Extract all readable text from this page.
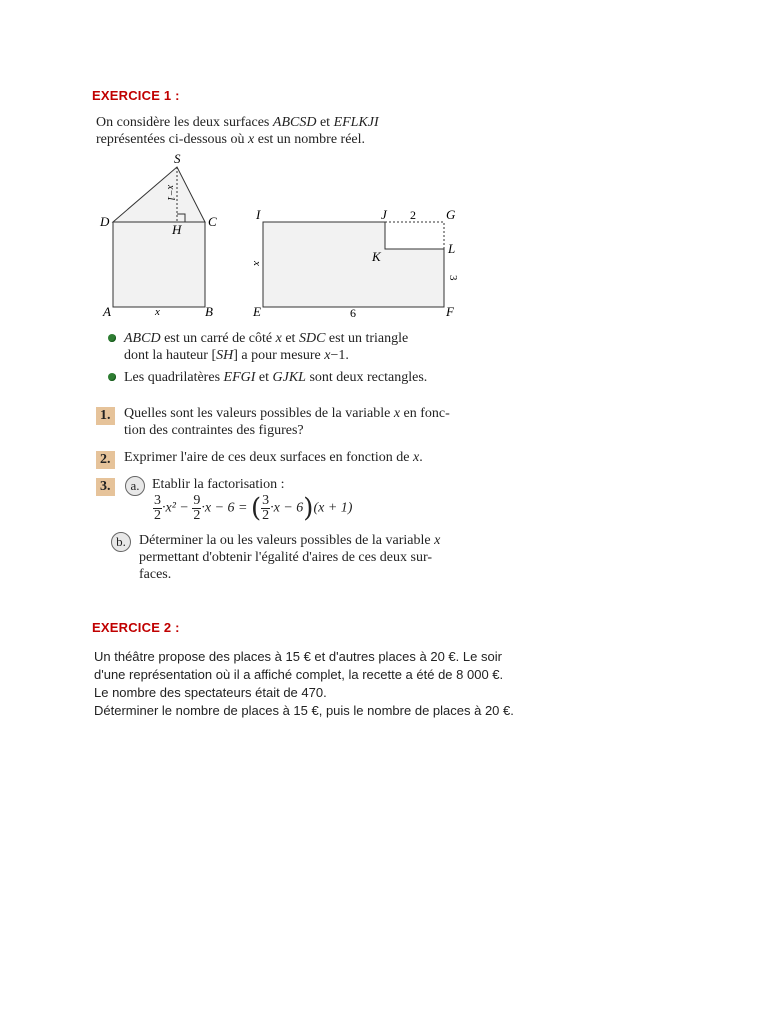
EXERCICE 1 :
On considère les deux surfaces ABCSD et EFLKJI
représentées ci-dessous où x est un nombre réel.
S
D	C
H
A	B
x
x−1
I	J	G
K
L
E	F
2
3
6
x
ABCD est un carré de côté x et SDC est un triangle
dont la hauteur [SH] a pour mesure x−1.
Les quadrilatères EFGI et GJKL sont deux rectangles.
1. Quelles sont les valeurs possibles de la variable x en fonc-
tion des contraintes des figures?
2. Exprimer l'aire de ces deux surfaces en fonction de x.
3.	a. Etablir la factorisation :
$\frac{3}{2} \cdot x^2 - \frac{9}{2} \cdot x - 6$ = ( $\frac{3}{2} \cdot x - 6)(x + 1)$
b. Déterminer la ou les valeurs possibles de la variable x
permettant d'obtenir l'égalité d'aires de ces deux sur-
faces.
EXERCICE 2 :
Un théâtre propose des places à 15 € et d'autres places à 20 €. Le soir
d'une représentation où il a affiché complet, la recette a été de 8 000 €.
Le nombre des spectateurs était de 470.
Déterminer le nombre de places à 15 €, puis le nombre de places à 20 €.
